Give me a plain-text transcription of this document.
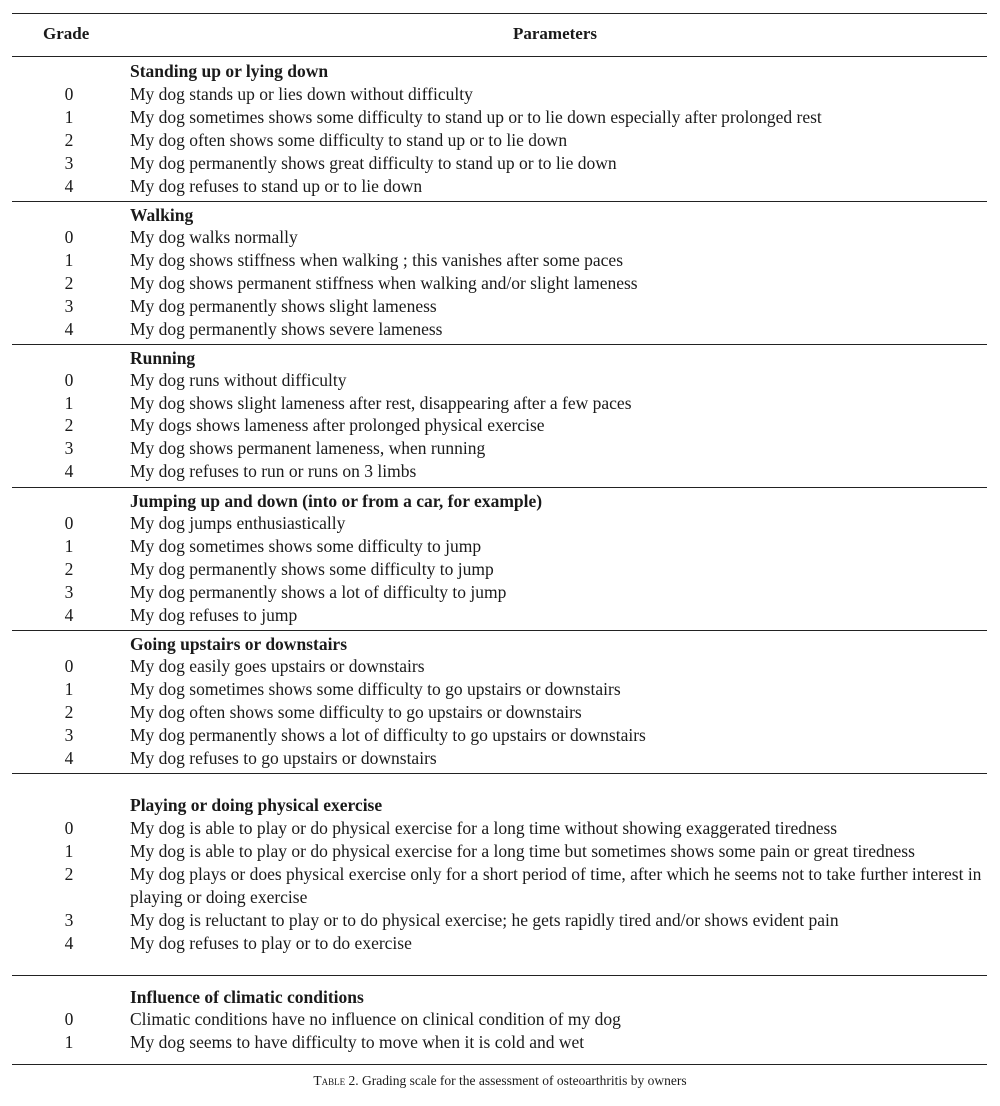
Grade	Parameters
Standing up or lying down
0	My dog stands up or lies down without difficulty
1	My dog sometimes shows some difficulty to stand up or to lie down especially after prolonged rest
2	My dog often shows some difficulty to stand up or to lie down
3	My dog permanently shows great difficulty to stand up or to lie down
4	My dog refuses to stand up or to lie down
Walking
0	My dog walks normally
1	My dog shows stiffness when walking ; this vanishes after some paces
2	My dog shows permanent stiffness when walking and/or slight lameness
3	My dog permanently shows slight lameness
4	My dog permanently shows severe lameness
Running
0	My dog runs without difficulty
1	My dog shows slight lameness after rest, disappearing after a few paces
2	My dogs shows lameness after prolonged physical exercise
3	My dog shows permanent lameness, when running
4	My dog refuses to run or runs on 3 limbs
Jumping up and down (into or from a car, for example)
0	My dog jumps enthusiastically
1	My dog sometimes shows some difficulty to jump
2	My dog permanently shows some difficulty to jump
3	My dog permanently shows a lot of difficulty to jump
4	My dog refuses to jump
Going upstairs or downstairs
0	My dog easily goes upstairs or downstairs
1	My dog sometimes shows some difficulty to go upstairs or downstairs
2	My dog often shows some difficulty to go upstairs or downstairs
3	My dog permanently shows a lot of difficulty to go upstairs or downstairs
4	My dog refuses to go upstairs or downstairs
Playing or doing physical exercise
0	My dog is able to play or do physical exercise for a long time without showing exaggerated tiredness
1	My dog is able to play or do physical exercise for a long time but sometimes shows some pain or great tiredness
2	My dog plays or does physical exercise only for a short period of time, after which he seems not to take further interest in playing or doing exercise
3	My dog is reluctant to play or to do physical exercise; he gets rapidly tired and/or shows evident pain
4	My dog refuses to play or to do exercise
Influence of climatic conditions
0	Climatic conditions have no influence on clinical condition of my dog
1	My dog seems to have difficulty to move when it is cold and wet
Table 2. Grading scale for the assessment of osteoarthritis by owners
